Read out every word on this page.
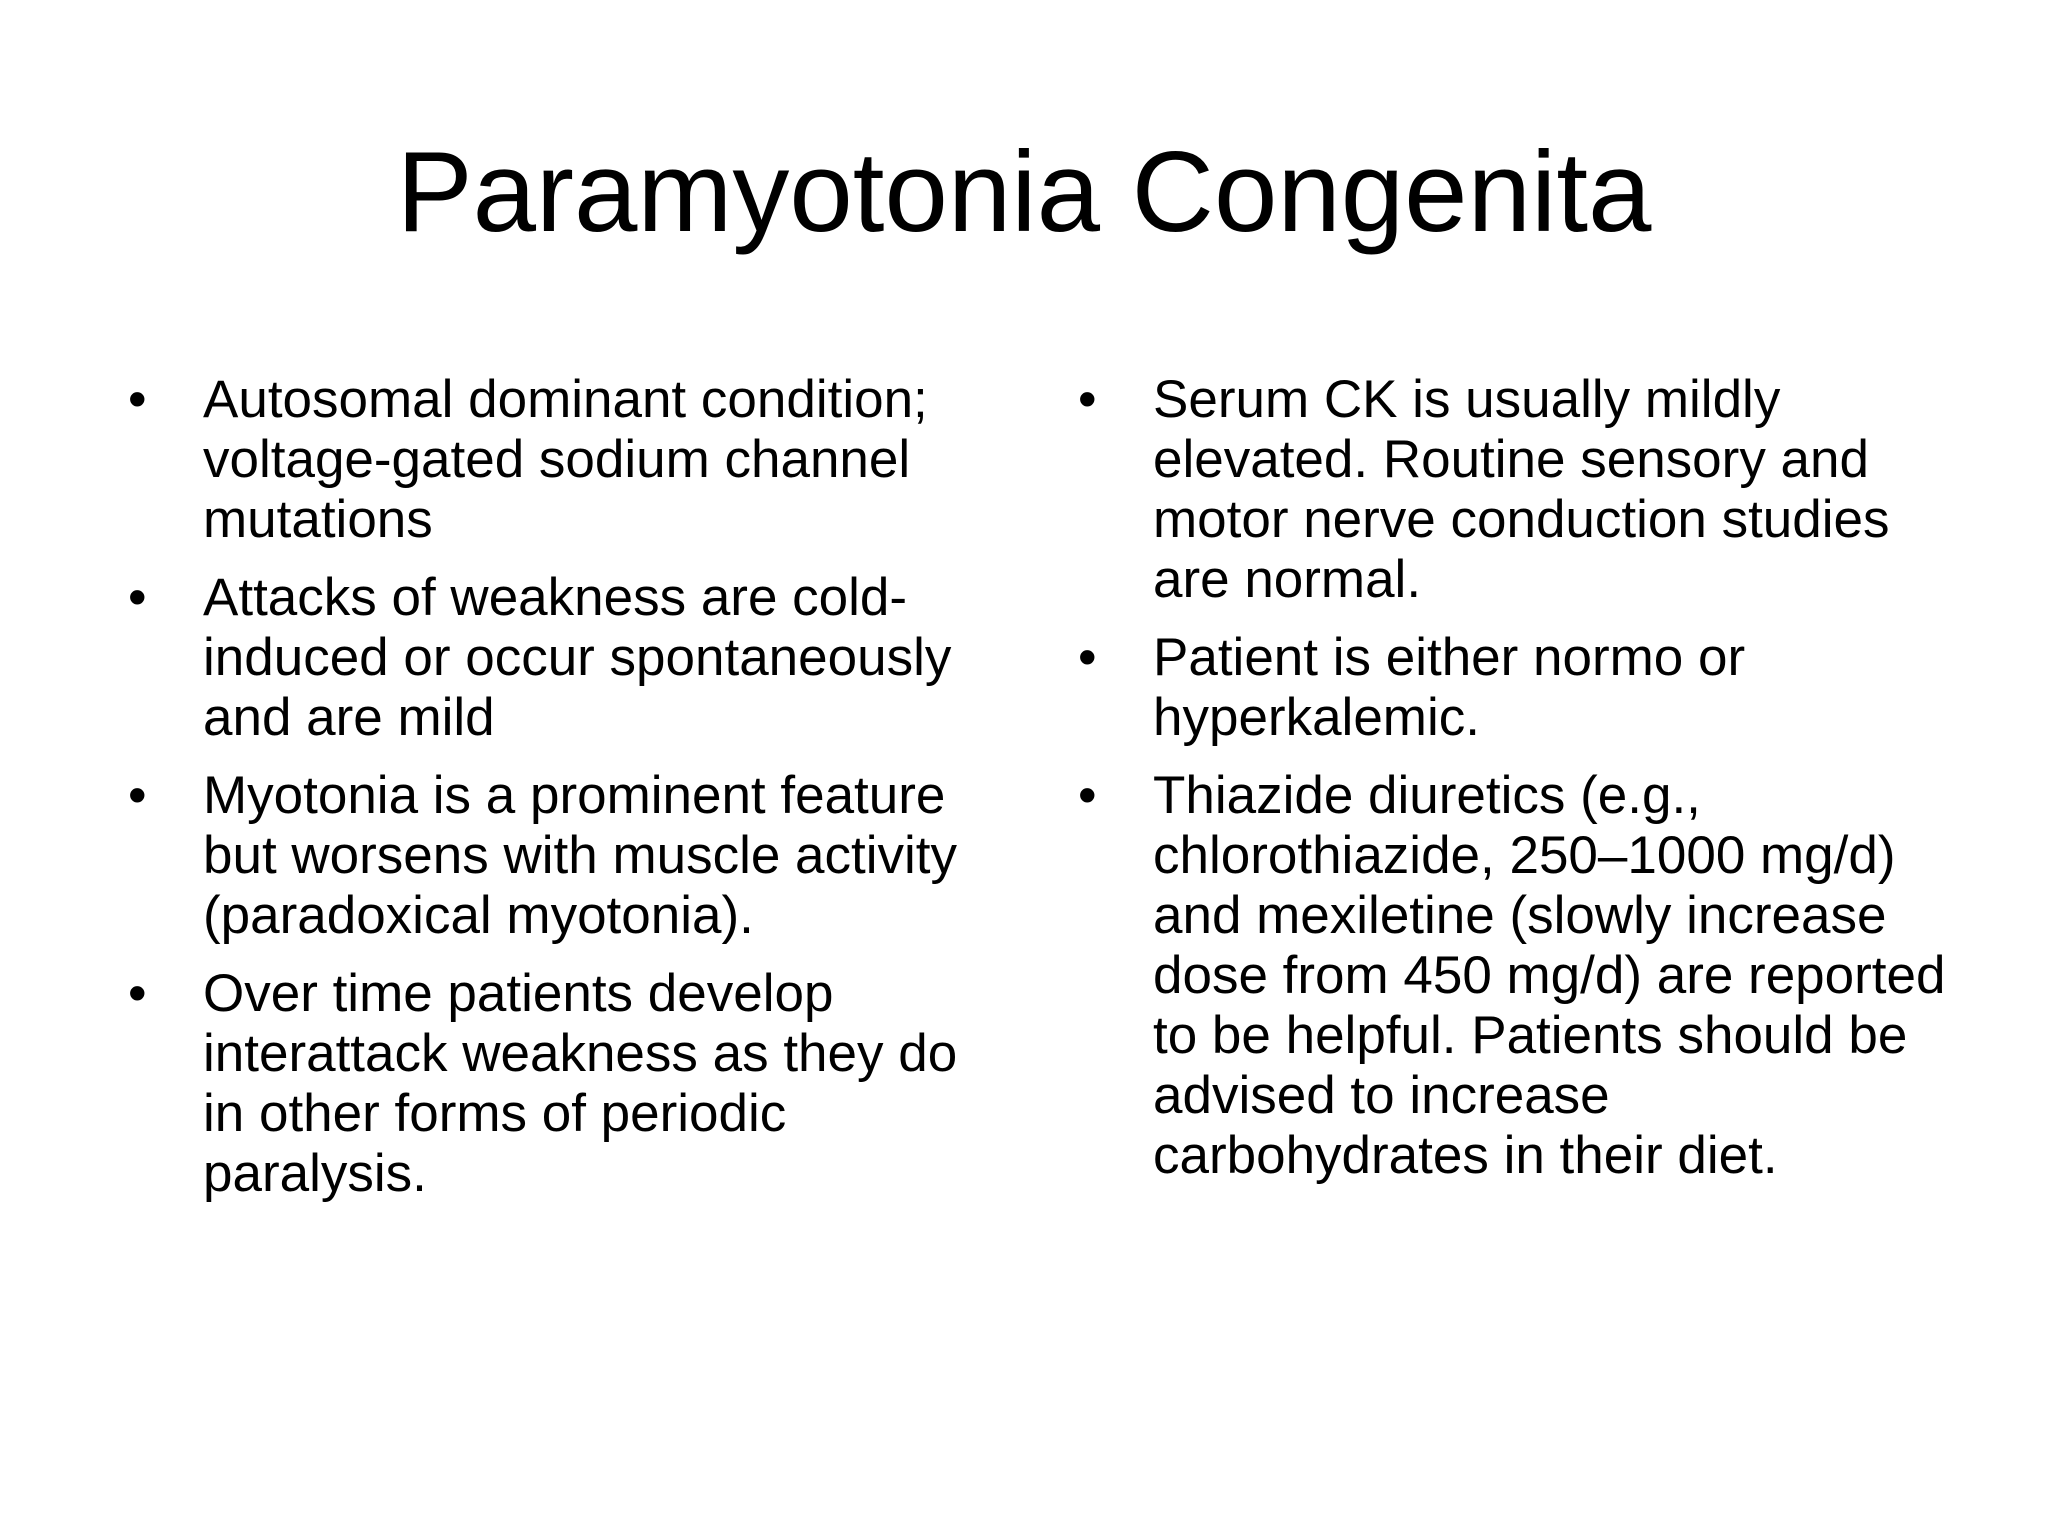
Paramyotonia Congenita
•	Autosomal dominant condition; voltage-gated sodium channel mutations
•	Attacks of weakness are cold-induced or occur spontaneously and are mild
•	Myotonia is a prominent feature but worsens with muscle activity (paradoxical myotonia).
•	Over time patients develop interattack weakness as they do in other forms of periodic paralysis.
•	Serum CK is usually mildly elevated. Routine sensory and motor nerve conduction studies are normal.
•	Patient is either normo or hyperkalemic.
•	Thiazide diuretics (e.g., chlorothiazide, 250–1000 mg/d) and mexiletine (slowly increase dose from 450 mg/d) are reported to be helpful. Patients should be advised to increase carbohydrates in their diet.
